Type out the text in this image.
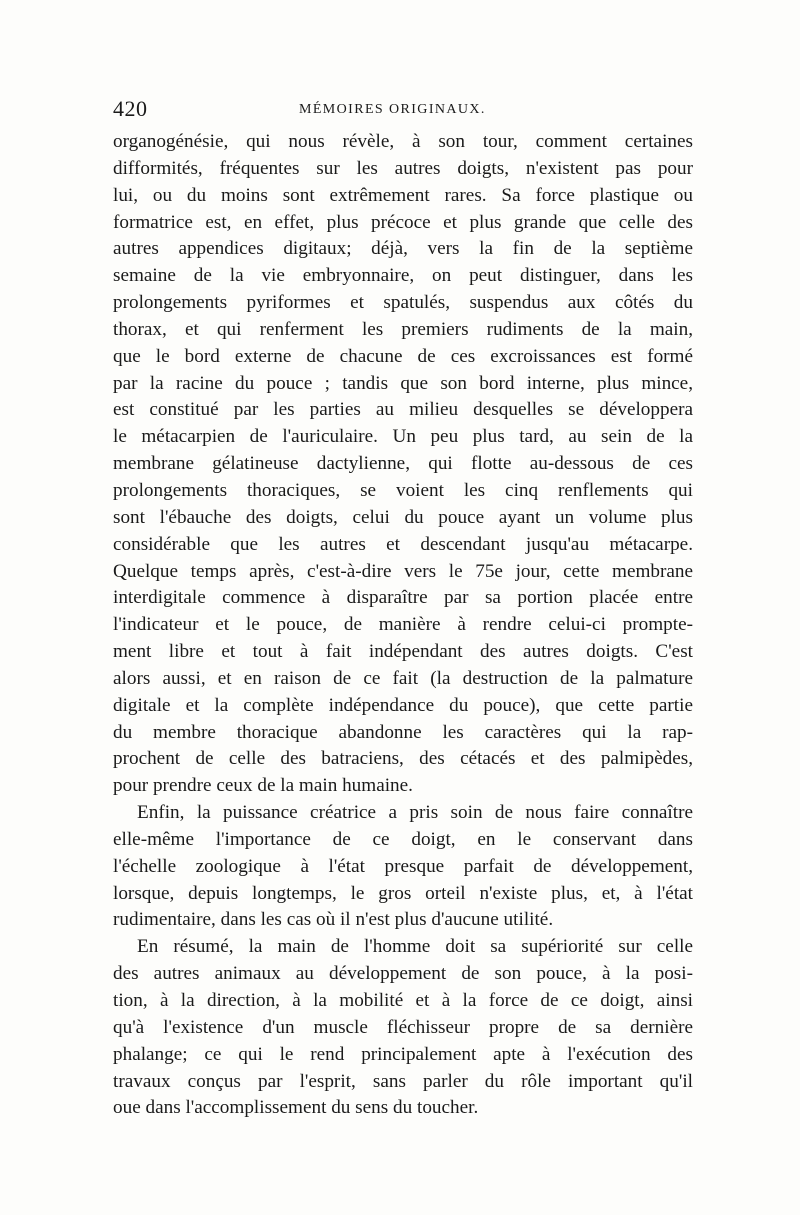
420	MÉMOIRES ORIGINAUX.
organogénésie, qui nous révèle, à son tour, comment certaines
difformités, fréquentes sur les autres doigts, n'existent pas pour
lui, ou du moins sont extrêmement rares. Sa force plastique ou
formatrice est, en effet, plus précoce et plus grande que celle des
autres appendices digitaux; déjà, vers la fin de la septième
semaine de la vie embryonnaire, on peut distinguer, dans les
prolongements pyriformes et spatulés, suspendus aux côtés du
thorax, et qui renferment les premiers rudiments de la main,
que le bord externe de chacune de ces excroissances est formé
par la racine du pouce ; tandis que son bord interne, plus mince,
est constitué par les parties au milieu desquelles se développera
le métacarpien de l'auriculaire. Un peu plus tard, au sein de la
membrane gélatineuse dactylienne, qui flotte au-dessous de ces
prolongements thoraciques, se voient les cinq renflements qui
sont l'ébauche des doigts, celui du pouce ayant un volume plus
considérable que les autres et descendant jusqu'au métacarpe.
Quelque temps après, c'est-à-dire vers le 75e jour, cette membrane
interdigitale commence à disparaître par sa portion placée entre
l'indicateur et le pouce, de manière à rendre celui-ci prompte-
ment libre et tout à fait indépendant des autres doigts. C'est
alors aussi, et en raison de ce fait (la destruction de la palmature
digitale et la complète indépendance du pouce), que cette partie
du membre thoracique abandonne les caractères qui la rap-
prochent de celle des batraciens, des cétacés et des palmipèdes,
pour prendre ceux de la main humaine.
Enfin, la puissance créatrice a pris soin de nous faire connaître
elle-même l'importance de ce doigt, en le conservant dans
l'échelle zoologique à l'état presque parfait de développement,
lorsque, depuis longtemps, le gros orteil n'existe plus, et, à l'état
rudimentaire, dans les cas où il n'est plus d'aucune utilité.
En résumé, la main de l'homme doit sa supériorité sur celle
des autres animaux au développement de son pouce, à la posi-
tion, à la direction, à la mobilité et à la force de ce doigt, ainsi
qu'à l'existence d'un muscle fléchisseur propre de sa dernière
phalange; ce qui le rend principalement apte à l'exécution des
travaux conçus par l'esprit, sans parler du rôle important qu'il
oue dans l'accomplissement du sens du toucher.
